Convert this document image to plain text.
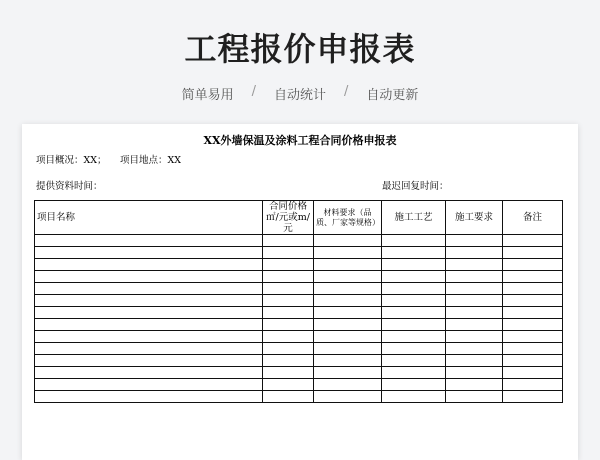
工程报价申报表
简单易用 / 自动统计 / 自动更新
XX外墙保温及涂料工程合同价格申报表
项目概况：XX； 项目地点：XX
提供资料时间：	最迟回复时间：
项目名称	合同价格㎡/元或m/元	材料要求（品质、厂家等规格）	施工工艺	施工要求	备注
